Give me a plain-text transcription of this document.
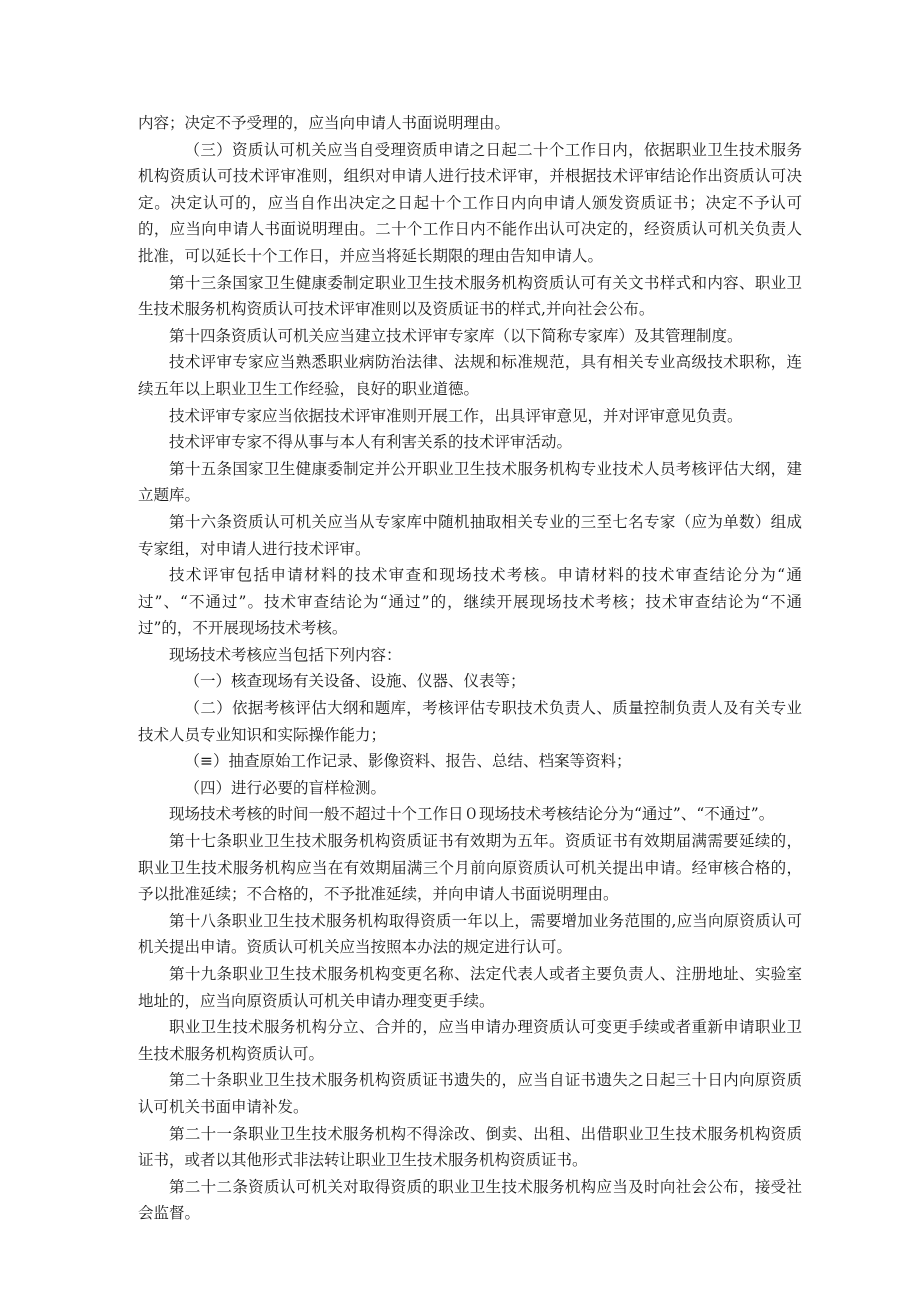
内容；决定不予受理的，应当向申请人书面说明理由。

（三）资质认可机关应当自受理资质申请之日起二十个工作日内，依据职业卫生技术服务机构资质认可技术评审准则，组织对申请人进行技术评审，并根据技术评审结论作出资质认可决定。决定认可的，应当自作出决定之日起十个工作日内向申请人颁发资质证书；决定不予认可的，应当向申请人书面说明理由。二十个工作日内不能作出认可决定的，经资质认可机关负责人批准，可以延长十个工作日，并应当将延长期限的理由告知申请人。

第十三条国家卫生健康委制定职业卫生技术服务机构资质认可有关文书样式和内容、职业卫生技术服务机构资质认可技术评审准则以及资质证书的样式,并向社会公布。

第十四条资质认可机关应当建立技术评审专家库（以下简称专家库）及其管理制度。

技术评审专家应当熟悉职业病防治法律、法规和标准规范，具有相关专业高级技术职称，连续五年以上职业卫生工作经验，良好的职业道德。

技术评审专家应当依据技术评审准则开展工作，出具评审意见，并对评审意见负责。

技术评审专家不得从事与本人有利害关系的技术评审活动。

第十五条国家卫生健康委制定并公开职业卫生技术服务机构专业技术人员考核评估大纲，建立题库。

第十六条资质认可机关应当从专家库中随机抽取相关专业的三至七名专家（应为单数）组成专家组，对申请人进行技术评审。

技术评审包括申请材料的技术审查和现场技术考核。申请材料的技术审查结论分为“通过”、“不通过”。技术审查结论为“通过”的，继续开展现场技术考核；技术审查结论为“不通过”的，不开展现场技术考核。

现场技术考核应当包括下列内容：

（一）核查现场有关设备、设施、仪器、仪表等；

（二）依据考核评估大纲和题库，考核评估专职技术负责人、质量控制负责人及有关专业技术人员专业知识和实际操作能力；

（≡）抽查原始工作记录、影像资料、报告、总结、档案等资料；

（四）进行必要的盲样检测。

现场技术考核的时间一般不超过十个工作日０现场技术考核结论分为“通过”、“不通过”。

第十七条职业卫生技术服务机构资质证书有效期为五年。资质证书有效期届满需要延续的，职业卫生技术服务机构应当在有效期届满三个月前向原资质认可机关提出申请。经审核合格的，予以批准延续；不合格的，不予批准延续，并向申请人书面说明理由。

第十八条职业卫生技术服务机构取得资质一年以上，需要增加业务范围的,应当向原资质认可机关提出申请。资质认可机关应当按照本办法的规定进行认可。

第十九条职业卫生技术服务机构变更名称、法定代表人或者主要负责人、注册地址、实验室地址的，应当向原资质认可机关申请办理变更手续。

职业卫生技术服务机构分立、合并的，应当申请办理资质认可变更手续或者重新申请职业卫生技术服务机构资质认可。

第二十条职业卫生技术服务机构资质证书遗失的，应当自证书遗失之日起三十日内向原资质认可机关书面申请补发。

第二十一条职业卫生技术服务机构不得涂改、倒卖、出租、出借职业卫生技术服务机构资质证书，或者以其他形式非法转让职业卫生技术服务机构资质证书。

第二十二条资质认可机关对取得资质的职业卫生技术服务机构应当及时向社会公布，接受社会监督。
